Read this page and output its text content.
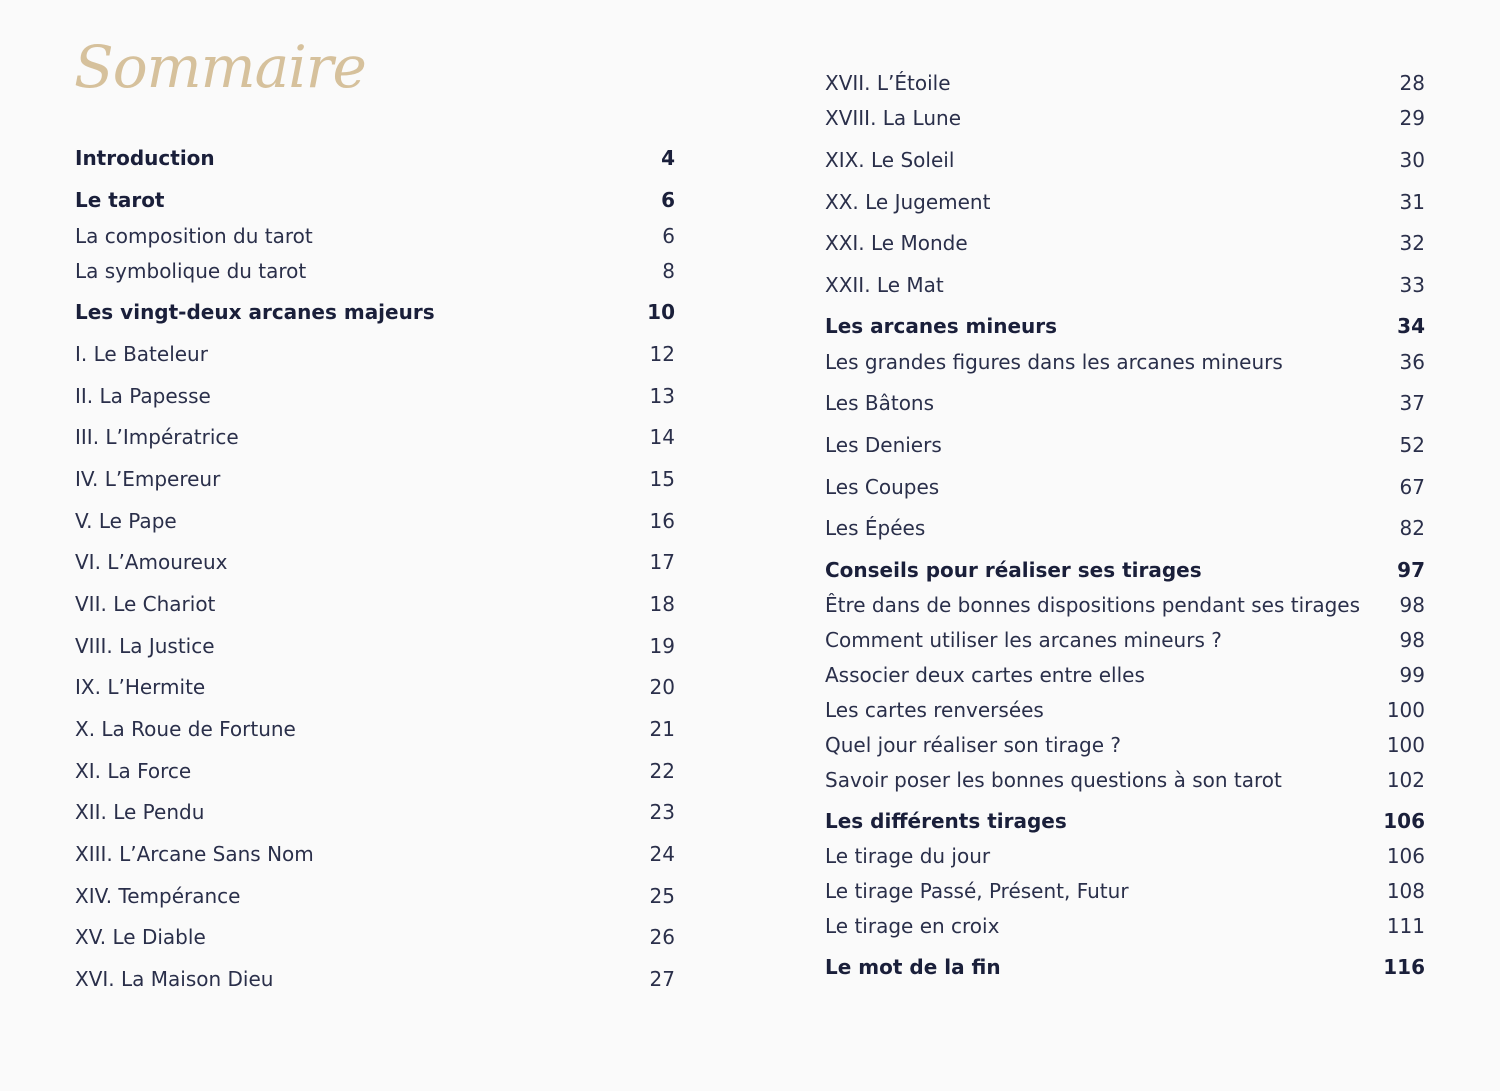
Sommaire
Introduction	4
Le tarot	6
La composition du tarot	6
La symbolique du tarot	8
Les vingt-deux arcanes majeurs	10
I. Le Bateleur	12
II. La Papesse	13
III. L’Impératrice	14
IV. L’Empereur	15
V. Le Pape	16
VI. L’Amoureux	17
VII. Le Chariot	18
VIII. La Justice	19
IX. L’Hermite	20
X. La Roue de Fortune	21
XI. La Force	22
XII. Le Pendu	23
XIII. L’Arcane Sans Nom	24
XIV. Tempérance	25
XV. Le Diable	26
XVI. La Maison Dieu	27
XVII. L’Étoile	28
XVIII. La Lune	29
XIX. Le Soleil	30
XX. Le Jugement	31
XXI. Le Monde	32
XXII. Le Mat	33
Les arcanes mineurs	34
Les grandes figures dans les arcanes mineurs	36
Les Bâtons	37
Les Deniers	52
Les Coupes	67
Les Épées	82
Conseils pour réaliser ses tirages	97
Être dans de bonnes dispositions pendant ses tirages 98
Comment utiliser les arcanes mineurs ?	98
Associer deux cartes entre elles	99
Les cartes renversées	100
Quel jour réaliser son tirage ?	100
Savoir poser les bonnes questions à son tarot	102
Les différents tirages	106
Le tirage du jour	106
Le tirage Passé, Présent, Futur	108
Le tirage en croix	111
Le mot de la fin	116
